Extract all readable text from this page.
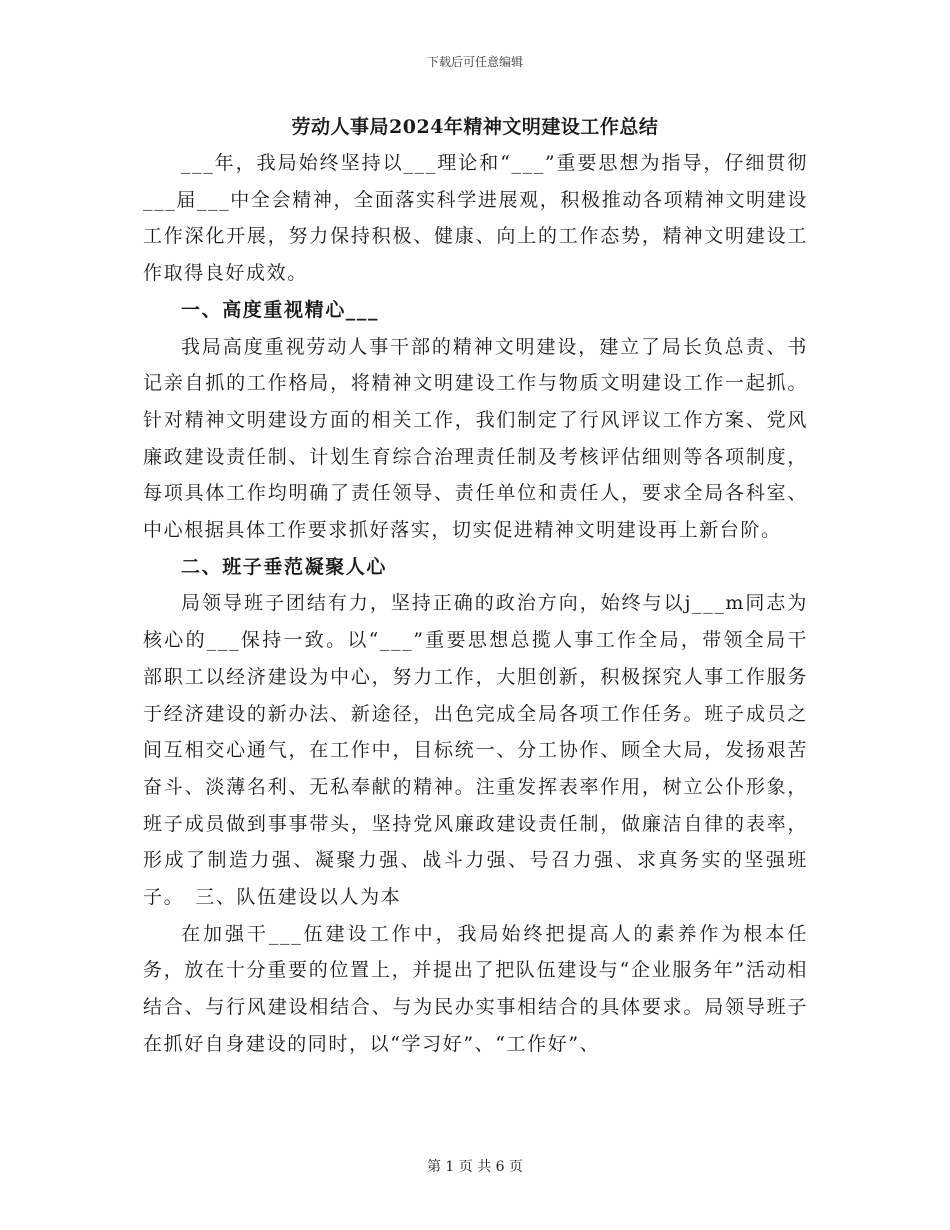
下载后可任意编辑
劳动人事局2024年精神文明建设工作总结

___年，我局始终坚持以___理论和“___”重要思想为指导，仔细贯彻___届___中全会精神，全面落实科学进展观，积极推动各项精神文明建设工作深化开展，努力保持积极、健康、向上的工作态势，精神文明建设工作取得良好成效。

一、高度重视精心___

我局高度重视劳动人事干部的精神文明建设，建立了局长负总责、书记亲自抓的工作格局，将精神文明建设工作与物质文明建设工作一起抓。针对精神文明建设方面的相关工作，我们制定了行风评议工作方案、党风廉政建设责任制、计划生育综合治理责任制及考核评估细则等各项制度，每项具体工作均明确了责任领导、责任单位和责任人，要求全局各科室、中心根据具体工作要求抓好落实，切实促进精神文明建设再上新台阶。

二、班子垂范凝聚人心

局领导班子团结有力，坚持正确的政治方向，始终与以j___m同志为核心的___保持一致。以“___”重要思想总揽人事工作全局，带领全局干部职工以经济建设为中心，努力工作，大胆创新，积极探究人事工作服务于经济建设的新办法、新途径，出色完成全局各项工作任务。班子成员之间互相交心通气，在工作中，目标统一、分工协作、顾全大局，发扬艰苦奋斗、淡薄名利、无私奉献的精神。注重发挥表率作用，树立公仆形象，班子成员做到事事带头，坚持党风廉政建设责任制，做廉洁自律的表率，形成了制造力强、凝聚力强、战斗力强、号召力强、求真务实的坚强班子。　三、队伍建设以人为本

在加强干___伍建设工作中，我局始终把提高人的素养作为根本任务，放在十分重要的位置上，并提出了把队伍建设与“企业服务年”活动相结合、与行风建设相结合、与为民办实事相结合的具体要求。局领导班子在抓好自身建设的同时，以“学习好”、“工作好”、

第 1 页 共 6 页
